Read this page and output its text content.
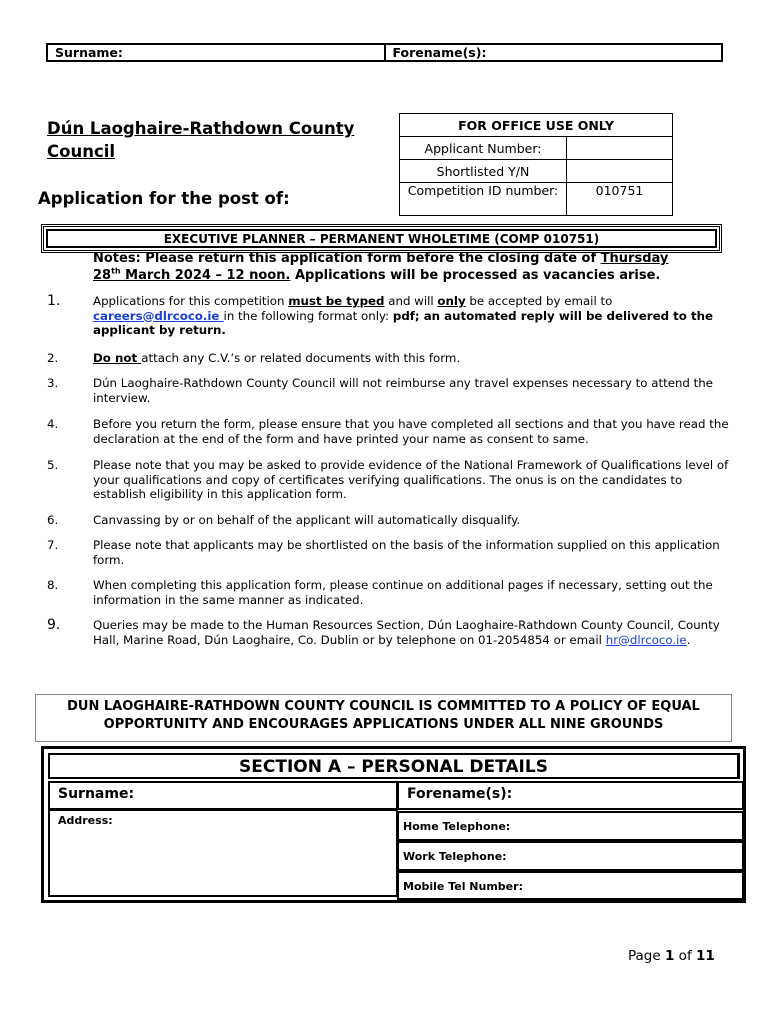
Surname:	Forename(s):
Dún Laoghaire-Rathdown County Council
Application for the post of:
FOR OFFICE USE ONLY	
Applicant Number:	
Shortlisted Y/N	
Competition ID number:	010751
EXECUTIVE PLANNER – PERMANENT WHOLETIME (COMP 010751)
Notes: Please return this application form before the closing date of Thursday
28th March 2024 – 12 noon. Applications will be processed as vacancies arise.
1.	Applications for this competition must be typed and will only be accepted by email to careers@dlrcoco.ie in the following format only: pdf; an automated reply will be delivered to the applicant by return.
2.	Do not attach any C.V.’s or related documents with this form.
3.	Dún Laoghaire-Rathdown County Council will not reimburse any travel expenses necessary to attend the interview.
4.	Before you return the form, please ensure that you have completed all sections and that you have read the declaration at the end of the form and have printed your name as consent to same.
5.	Please note that you may be asked to provide evidence of the National Framework of Qualifications level of your qualifications and copy of certificates verifying qualifications. The onus is on the candidates to establish eligibility in this application form.
6.	Canvassing by or on behalf of the applicant will automatically disqualify.
7.	Please note that applicants may be shortlisted on the basis of the information supplied on this application form.
8.	When completing this application form, please continue on additional pages if necessary, setting out the information in the same manner as indicated.
9.	Queries may be made to the Human Resources Section, Dún Laoghaire-Rathdown County Council, County Hall, Marine Road, Dún Laoghaire, Co. Dublin or by telephone on 01-2054854 or email hr@dlrcoco.ie.
DUN LAOGHAIRE-RATHDOWN COUNTY COUNCIL IS COMMITTED TO A POLICY OF EQUAL OPPORTUNITY AND ENCOURAGES APPLICATIONS UNDER ALL NINE GROUNDS
SECTION A – PERSONAL DETAILS
Surname:	Forename(s):
Address:	Home Telephone:
Work Telephone:
Mobile Tel Number:
Page 1 of 11
